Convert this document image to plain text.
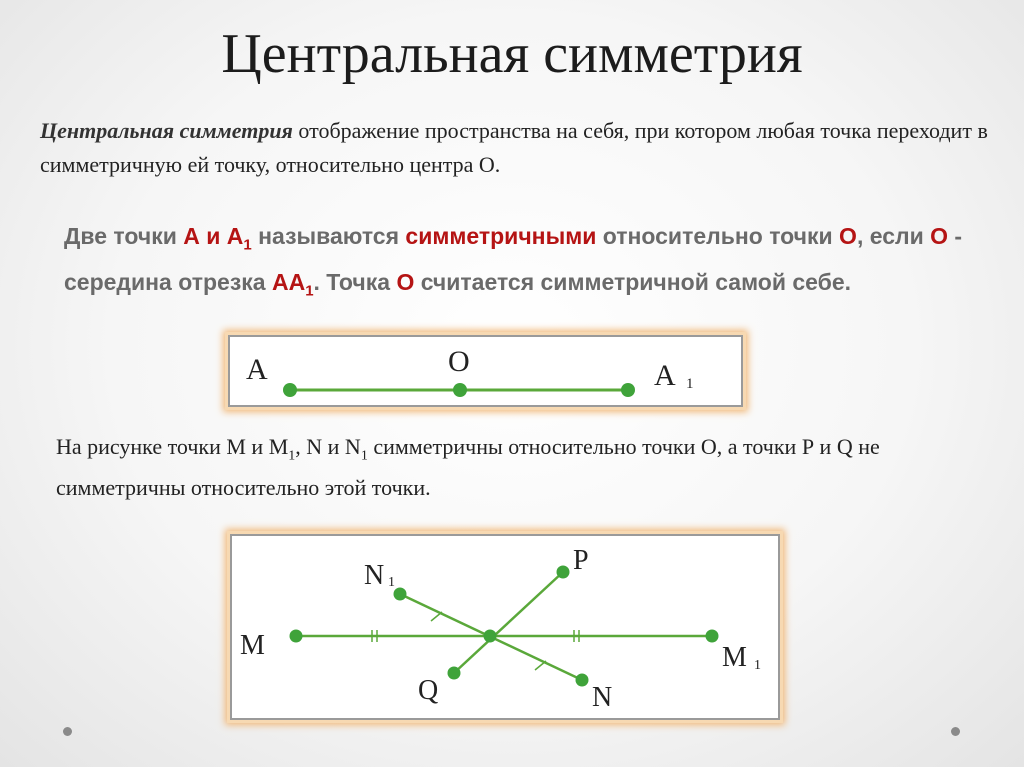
Центральная симметрия
Центральная симметрия отображение пространства на себя, при котором любая точка переходит в симметричную ей точку, относительно центра О.
Две точки А и $А_1$ называются симметричными относительно точки О, если О - середина отрезка $АА_1$. Точка О считается симметричной самой себе.
A	O	A 1
На рисунке точки М и $М_1$, N и $N_1$ симметричны относительно точки О, а точки Р и Q не симметричны относительно этой точки.
N 1
P
M	M 1
Q	N
